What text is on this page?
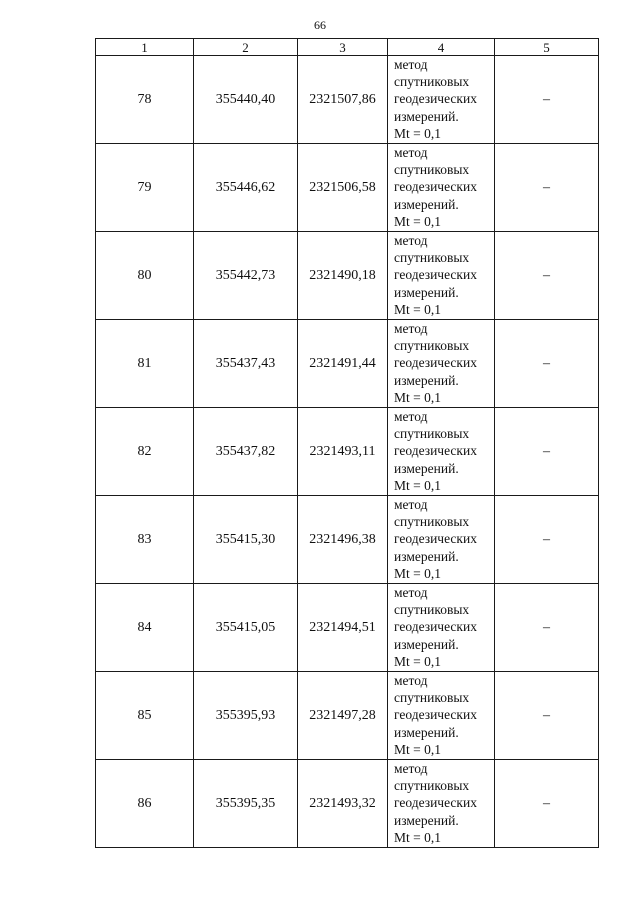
66
1	2	3	4	5
78	355440,40	2321507,86	метод
спутниковых
геодезических
измерений.
Mt = 0,1	–
79	355446,62	2321506,58	метод
спутниковых
геодезических
измерений.
Mt = 0,1	–
80	355442,73	2321490,18	метод
спутниковых
геодезических
измерений.
Mt = 0,1	–
81	355437,43	2321491,44	метод
спутниковых
геодезических
измерений.
Mt = 0,1	–
82	355437,82	2321493,11	метод
спутниковых
геодезических
измерений.
Mt = 0,1	–
83	355415,30	2321496,38	метод
спутниковых
геодезических
измерений.
Mt = 0,1	–
84	355415,05	2321494,51	метод
спутниковых
геодезических
измерений.
Mt = 0,1	–
85	355395,93	2321497,28	метод
спутниковых
геодезических
измерений.
Mt = 0,1	–
86	355395,35	2321493,32	метод
спутниковых
геодезических
измерений.
Mt = 0,1	–
